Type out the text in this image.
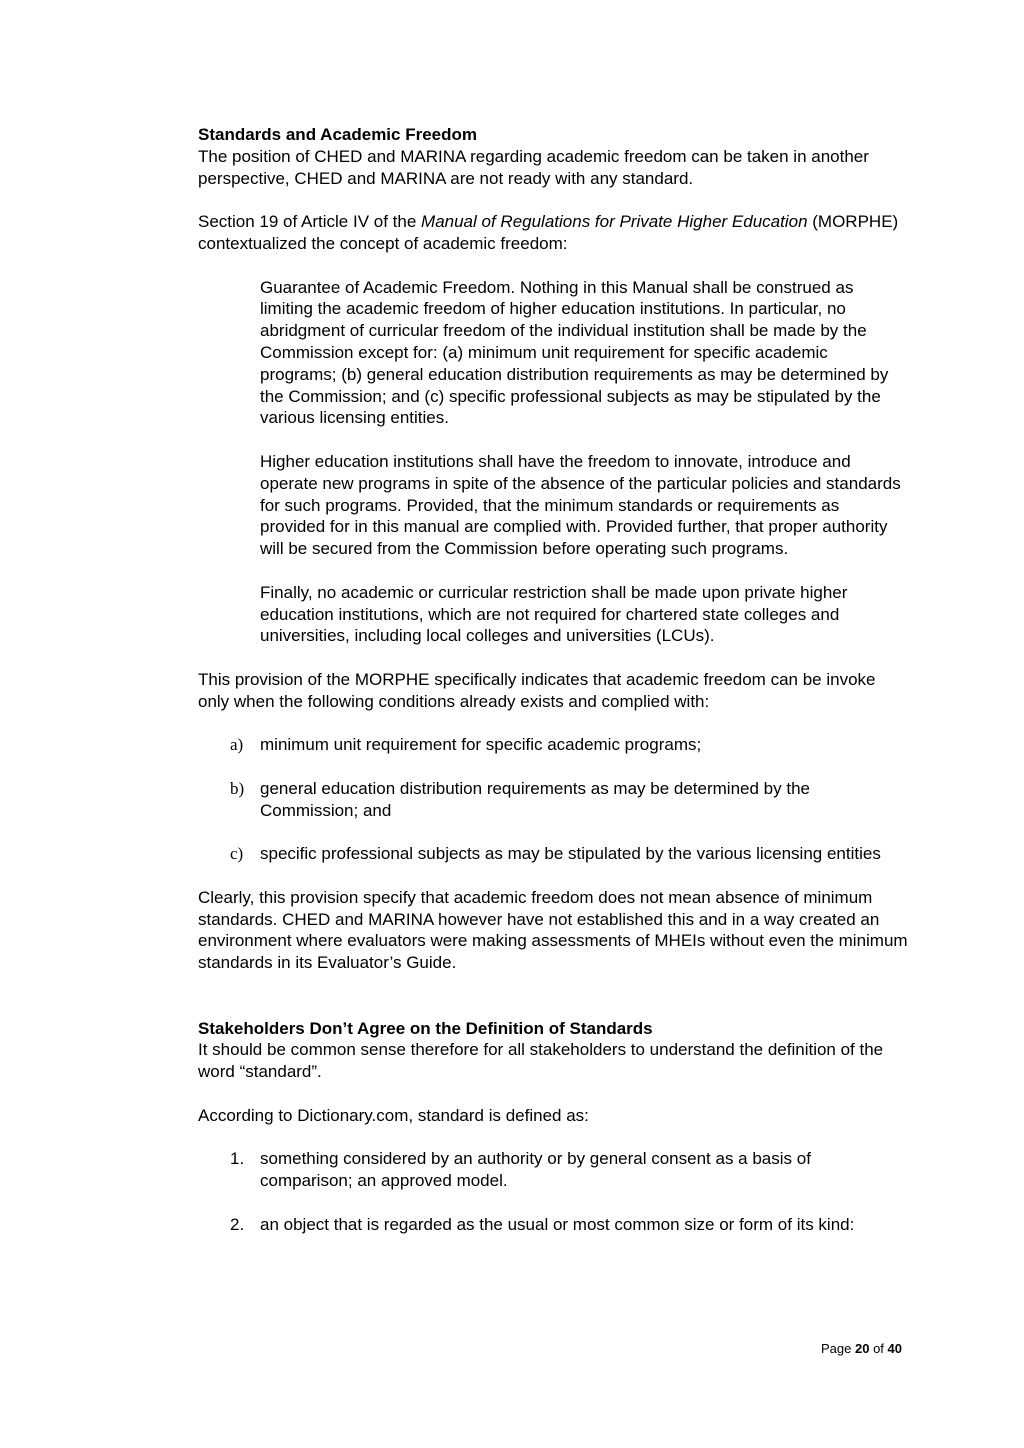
Standards and Academic Freedom

The position of CHED and MARINA regarding academic freedom can be taken in another perspective, CHED and MARINA are not ready with any standard.

Section 19 of Article IV of the Manual of Regulations for Private Higher Education (MORPHE) contextualized the concept of academic freedom:

Guarantee of Academic Freedom. Nothing in this Manual shall be construed as limiting the academic freedom of higher education institutions. In particular, no abridgment of curricular freedom of the individual institution shall be made by the Commission except for: (a) minimum unit requirement for specific academic programs; (b) general education distribution requirements as may be determined by the Commission; and (c) specific professional subjects as may be stipulated by the various licensing entities.

Higher education institutions shall have the freedom to innovate, introduce and operate new programs in spite of the absence of the particular policies and standards for such programs. Provided, that the minimum standards or requirements as provided for in this manual are complied with. Provided further, that proper authority will be secured from the Commission before operating such programs.

Finally, no academic or curricular restriction shall be made upon private higher education institutions, which are not required for chartered state colleges and universities, including local colleges and universities (LCUs).

This provision of the MORPHE specifically indicates that academic freedom can be invoke only when the following conditions already exists and complied with:

a) minimum unit requirement for specific academic programs;
b) general education distribution requirements as may be determined by the Commission; and
c) specific professional subjects as may be stipulated by the various licensing entities

Clearly, this provision specify that academic freedom does not mean absence of minimum standards. CHED and MARINA however have not established this and in a way created an environment where evaluators were making assessments of MHEIs without even the minimum standards in its Evaluator’s Guide.

Stakeholders Don’t Agree on the Definition of Standards

It should be common sense therefore for all stakeholders to understand the definition of the word “standard”.

According to Dictionary.com, standard is defined as:

1. something considered by an authority or by general consent as a basis of comparison; an approved model.
2. an object that is regarded as the usual or most common size or form of its kind:
Page 20 of 40
